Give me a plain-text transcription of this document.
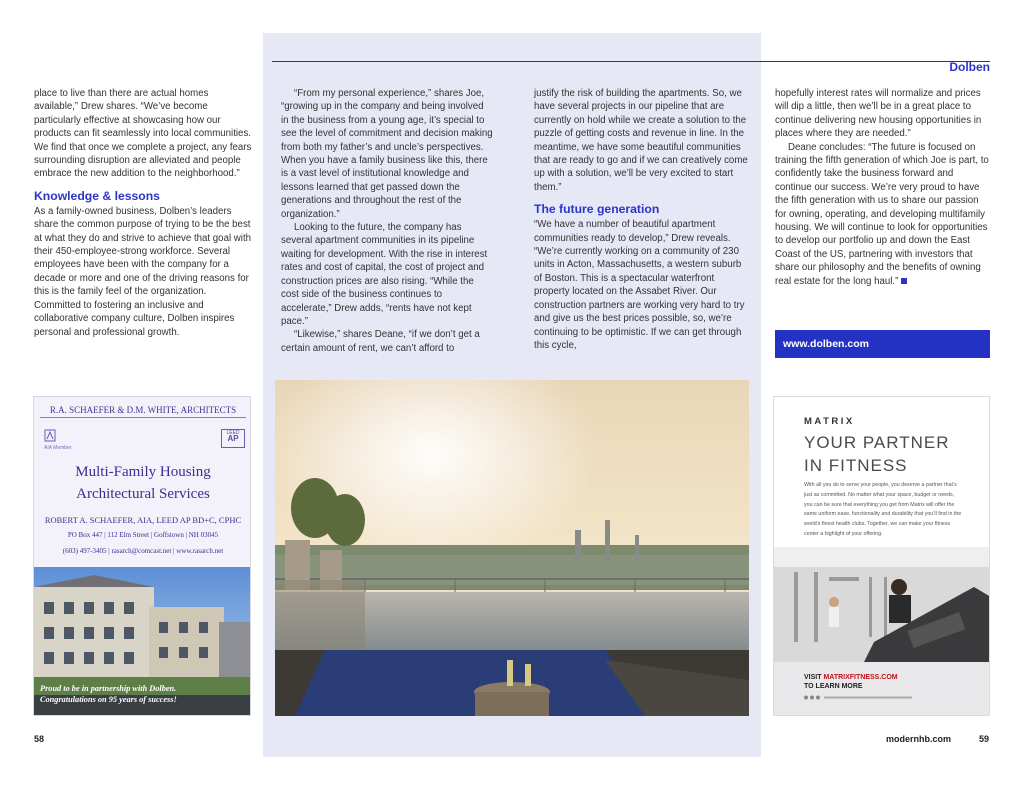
Dolben

place to live than there are actual homes available,” Drew shares. “We’ve become particularly effective at showcasing how our products can fit seamlessly into local communities. We find that once we complete a project, any fears surrounding disruption are alleviated and people embrace the new addition to the neighborhood.”

Knowledge & lessons

As a family-owned business, Dolben’s leaders share the common purpose of trying to be the best at what they do and strive to achieve that goal with their 450-employee-strong workforce. Several employees have been with the company for a decade or more and one of the driving reasons for this is the family feel of the organization. Committed to fostering an inclusive and collaborative company culture, Dolben inspires personal and professional growth.

“From my personal experience,” shares Joe, “growing up in the company and being involved in the business from a young age, it’s special to see the level of commitment and decision making from both my father’s and uncle’s perspectives. When you have a family business like this, there is a vast level of institutional knowledge and lessons learned that get passed down the generations and throughout the rest of the organization.”

Looking to the future, the company has several apartment communities in its pipeline waiting for development. With the rise in interest rates and cost of capital, the cost of project and construction prices are also rising. “While the cost side of the business continues to accelerate,” Drew adds, “rents have not kept pace.”

“Likewise,” shares Deane, “if we don’t get a certain amount of rent, we can’t afford to

justify the risk of building the apartments. So, we have several projects in our pipeline that are currently on hold while we create a solution to the puzzle of getting costs and revenue in line. In the meantime, we have some beautiful communities that are ready to go and if we can creatively come up with a solution, we’ll be very excited to start them.”

The future generation

“We have a number of beautiful apartment communities ready to develop,” Drew reveals. “We’re currently working on a community of 230 units in Acton, Massachusetts, a western suburb of Boston. This is a spectacular waterfront property located on the Assabet River. Our construction partners are working very hard to try and give us the best prices possible, so, we’re continuing to be optimistic. If we can get through this cycle,

hopefully interest rates will normalize and prices will dip a little, then we’ll be in a great place to continue delivering new housing opportunities in places where they are needed.”

Deane concludes: “The future is focused on training the fifth generation of which Joe is part, to confidently take the business forward and continue our success. We’re very proud to have the fifth generation with us to share our passion for owning, operating, and developing multifamily housing. We will continue to look for opportunities to develop our portfolio up and down the East Coast of the US, partnering with investors that share our philosophy and the benefits of owning real estate for the long haul.”

www.dolben.com
R.A. SCHAEFER & D.M. WHITE, ARCHITECTS
AIA Member
LEED
AP
Multi-Family Housing
Architectural Services
ROBERT A. SCHAEFER, AIA, LEED AP BD+C, CPHC
PO Box 447 | 112 Elm Street | Goffstown | NH 03045
(603) 497-3405 | rasarch@comcast.net | www.rasarch.net
Proud to be in partnership with Dolben.
Congratulations on 95 years of success!
MATRIX
YOUR PARTNER
IN FITNESS
With all you do to serve your people, you deserve a partner that’s just as committed. No matter what your space, budget or needs, you can be sure that everything you get from Matrix will offer the same uniform ease, functionality and durability that you’ll find in the world’s finest health clubs. Together, we can make your fitness center a highlight of your offering.
VISIT MATRIXFITNESS.COM
TO LEARN MORE
58	modernhb.com	59
